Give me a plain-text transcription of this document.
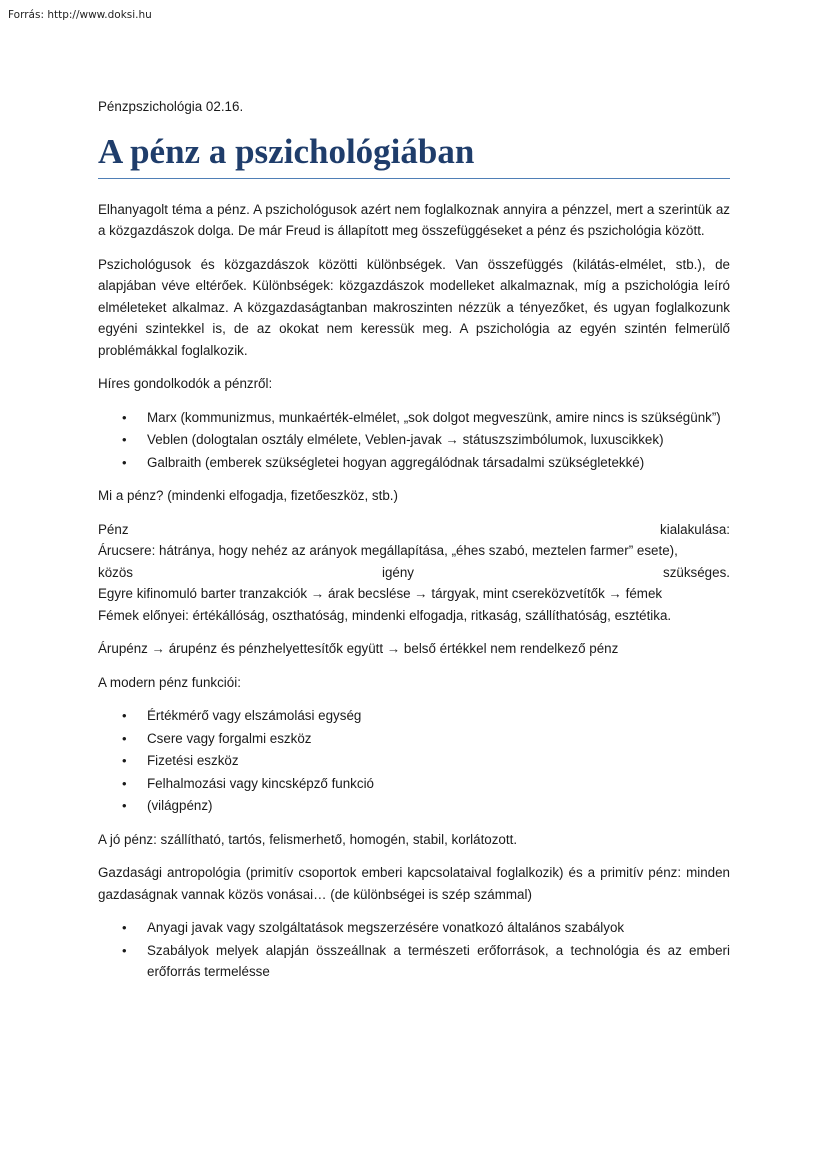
Forrás: http://www.doksi.hu
Pénzpszichológia 02.16.
A pénz a pszichológiában

Elhanyagolt téma a pénz. A pszichológusok azért nem foglalkoznak annyira a pénzzel, mert a szerintük az a közgazdászok dolga. De már Freud is állapított meg összefüggéseket a pénz és pszichológia között.

Pszichológusok és közgazdászok közötti különbségek. Van összefüggés (kilátás-elmélet, stb.), de alapjában véve eltérőek. Különbségek: közgazdászok modelleket alkalmaznak, míg a pszichológia leíró elméleteket alkalmaz. A közgazdaságtanban makroszinten nézzük a tényezőket, és ugyan foglalkozunk egyéni szintekkel is, de az okokat nem keressük meg. A pszichológia az egyén szintén felmerülő problémákkal foglalkozik.

Híres gondolkodók a pénzről:

• Marx (kommunizmus, munkaérték-elmélet, „sok dolgot megveszünk, amire nincs is szükségünk”)
• Veblen (dologtalan osztály elmélete, Veblen-javak → státuszszimbólumok, luxuscikkek)
• Galbraith (emberek szükségletei hogyan aggregálódnak társadalmi szükségletekké)

Mi a pénz? (mindenki elfogadja, fizetőeszköz, stb.)

Pénz	kialakulása:

Árucsere: hátránya, hogy nehéz az arányok megállapítása, „éhes szabó, meztelen farmer” esete),

közös	igény	szükséges.

Egyre kifinomuló barter tranzakciók → árak becslése → tárgyak, mint csereközvetítők → fémek

Fémek előnyei: értékállóság, oszthatóság, mindenki elfogadja, ritkaság, szállíthatóság, esztétika.

Árupénz → árupénz és pénzhelyettesítők együtt → belső értékkel nem rendelkező pénz

A modern pénz funkciói:

• Értékmérő vagy elszámolási egység
• Csere vagy forgalmi eszköz
• Fizetési eszköz
• Felhalmozási vagy kincsképző funkció
• (világpénz)

A jó pénz: szállítható, tartós, felismerhető, homogén, stabil, korlátozott.

Gazdasági antropológia (primitív csoportok emberi kapcsolataival foglalkozik) és a primitív pénz: minden gazdaságnak vannak közös vonásai… (de különbségei is szép számmal)

• Anyagi javak vagy szolgáltatások megszerzésére vonatkozó általános szabályok
• Szabályok melyek alapján összeállnak a természeti erőforrások, a technológia és az emberi erőforrás termelésse
